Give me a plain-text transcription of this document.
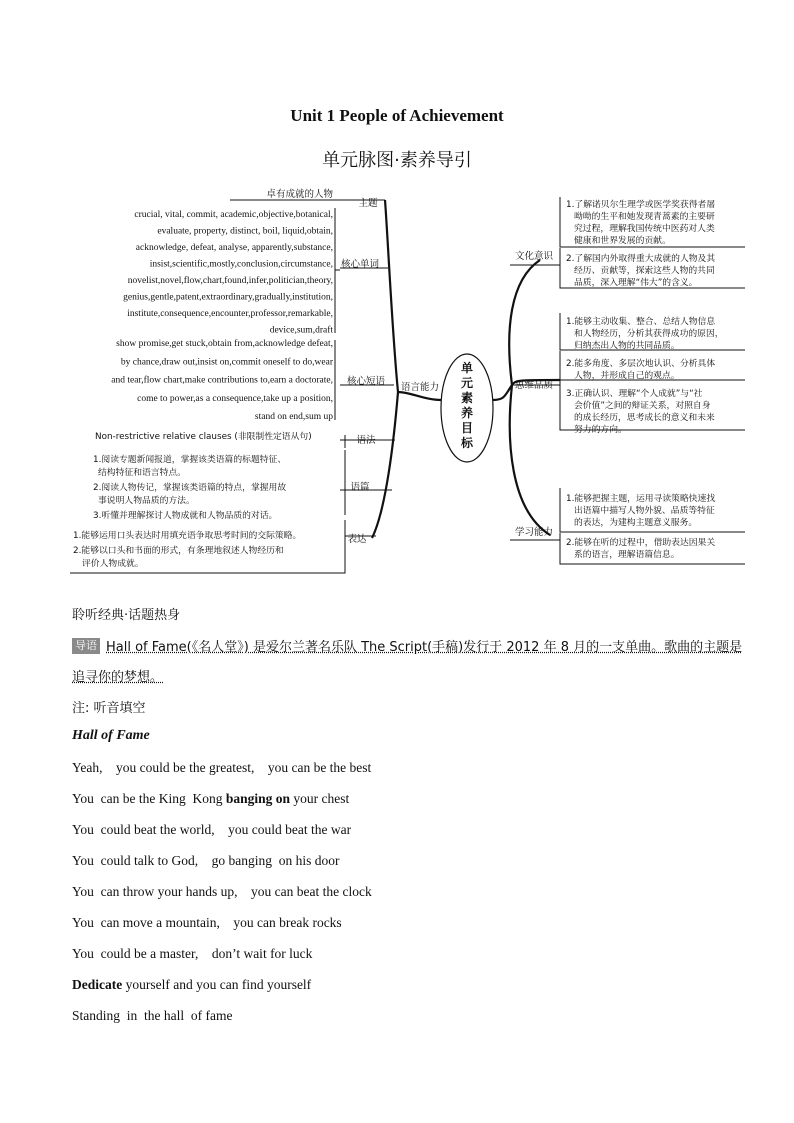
Unit 1 People of Achievement
单元脉图·素养导引
单
元
素
养
目
标
语言能力
主题
核心单词
核心短语
语法
语篇
表达
卓有成就的人物
crucial, vital, commit, academic,objective,botanical,
evaluate, property, distinct, boil, liquid,obtain,
acknowledge, defeat, analyse, apparently,substance,
insist,scientific,mostly,conclusion,circumstance,
novelist,novel,flow,chart,found,infer,politician,theory,
genius,gentle,patent,extraordinary,gradually,institution,
institute,consequence,encounter,professor,remarkable,
device,sum,draft
show promise,get stuck,obtain from,acknowledge defeat,
by chance,draw out,insist on,commit oneself to do,wear
and tear,flow chart,make contributions to,earn a doctorate,
come to power,as a consequence,take up a position,
stand on end,sum up
Non-restrictive relative clauses (非限制性定语从句)
1.阅读专题新闻报道，掌握该类语篇的标题特征、
结构特征和语言特点。
2.阅读人物传记，掌握该类语篇的特点，掌握用故
事说明人物品质的方法。
3.听懂并理解探讨人物成就和人物品质的对话。
1.能够运用口头表达时用填充语争取思考时间的交际策略。
2.能够以口头和书面的形式，有条理地叙述人物经历和
评价人物成就。
文化意识
思维品质
学习能力
1.了解诺贝尔生理学或医学奖获得者屠
呦呦的生平和她发现青蒿素的主要研
究过程，理解我国传统中医药对人类
健康和世界发展的贡献。
2.了解国内外取得重大成就的人物及其
经历、贡献等，探索这些人物的共同
品质，深入理解“伟大”的含义。
1.能够主动收集、整合、总结人物信息
和人物经历，分析其获得成功的原因，
归纳杰出人物的共同品质。
2.能多角度、多层次地认识、分析具体
人物，并形成自己的观点。
3.正确认识、理解“个人成就”与“社
会价值”之间的辩证关系，对照自身
的成长经历，思考成长的意义和未来
努力的方向。
1.能够把握主题，运用寻读策略快速找
出语篇中描写人物外貌、品质等特征
的表达，为建构主题意义服务。
2.能够在听的过程中，借助表达因果关
系的语言，理解语篇信息。
聆听经典·话题热身
导语 Hall of Fame(《名人堂》) 是爱尔兰著名乐队 The Script(手稿)发行于 2012 年 8 月的一支单曲。歌曲的主题是追寻你的梦想。
注: 听音填空
Hall of Fame
Yeah,    you could be the greatest,    you can be the best
You  can be the King  Kong banging on your chest
You  could beat the world,    you could beat the war
You  could talk to God,    go banging  on his door
You  can throw your hands up,    you can beat the clock
You  can move a mountain,    you can break rocks
You  could be a master,    don’t wait for luck
Dedicate yourself and you can find yourself
Standing  in  the hall  of fame
